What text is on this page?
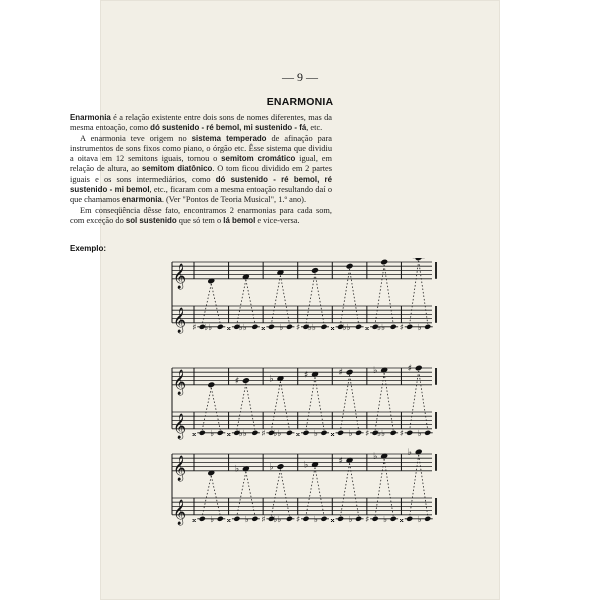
— 9 —
ENARMONIA

Enarmonia é a relação existente entre dois sons de nomes diferentes, mas da mesma entoação, como dó sustenido - ré bemol, mi sustenido - fá, etc.

A enarmonia teve origem no sistema temperado de afinação para instrumentos de sons fixos como piano, o órgão etc. Êsse sistema que dividiu a oitava em 12 semitons iguais, tornou o semitom cromático igual, em relação de altura, ao semitom diatônico. O tom ficou dividido em 2 partes iguais e os sons intermediários, como dó sustenido - ré bemol, ré sustenido - mi bemol, etc., ficaram com a mesma entoação resultando daí o que chamamos enarmonia. (Ver "Pontos de Teoria Musical", 1.º ano).

Em conseqüência dêsse fato, encontramos 2 enarmonias para cada som, com exceção do sol sustenido que só tem o lá bemol e vice-versa.

Exemplo:
𝄞
𝄞 ♯ ♭♭ 𝄪 ♭♭ 𝄪 ♭ ♯ ♭♭ 𝄪 ♭♭ 𝄪 ♭♭ ♯ ♭
𝄞
𝄞 𝄪 ♭
♯
𝄪 ♭♭
♭
♯ ♭♭
♯
𝄪 ♭
♯
𝄪 ♭
♭
♯ ♭♭
♯
♯ ♭
𝄞
𝄞 𝄪 ♭
♭
𝄪 ♭
♭
♯ ♭♭
♭
♯ ♭
♯
𝄪 ♭
♭
♯ ♭
♭
𝄪 ♭
